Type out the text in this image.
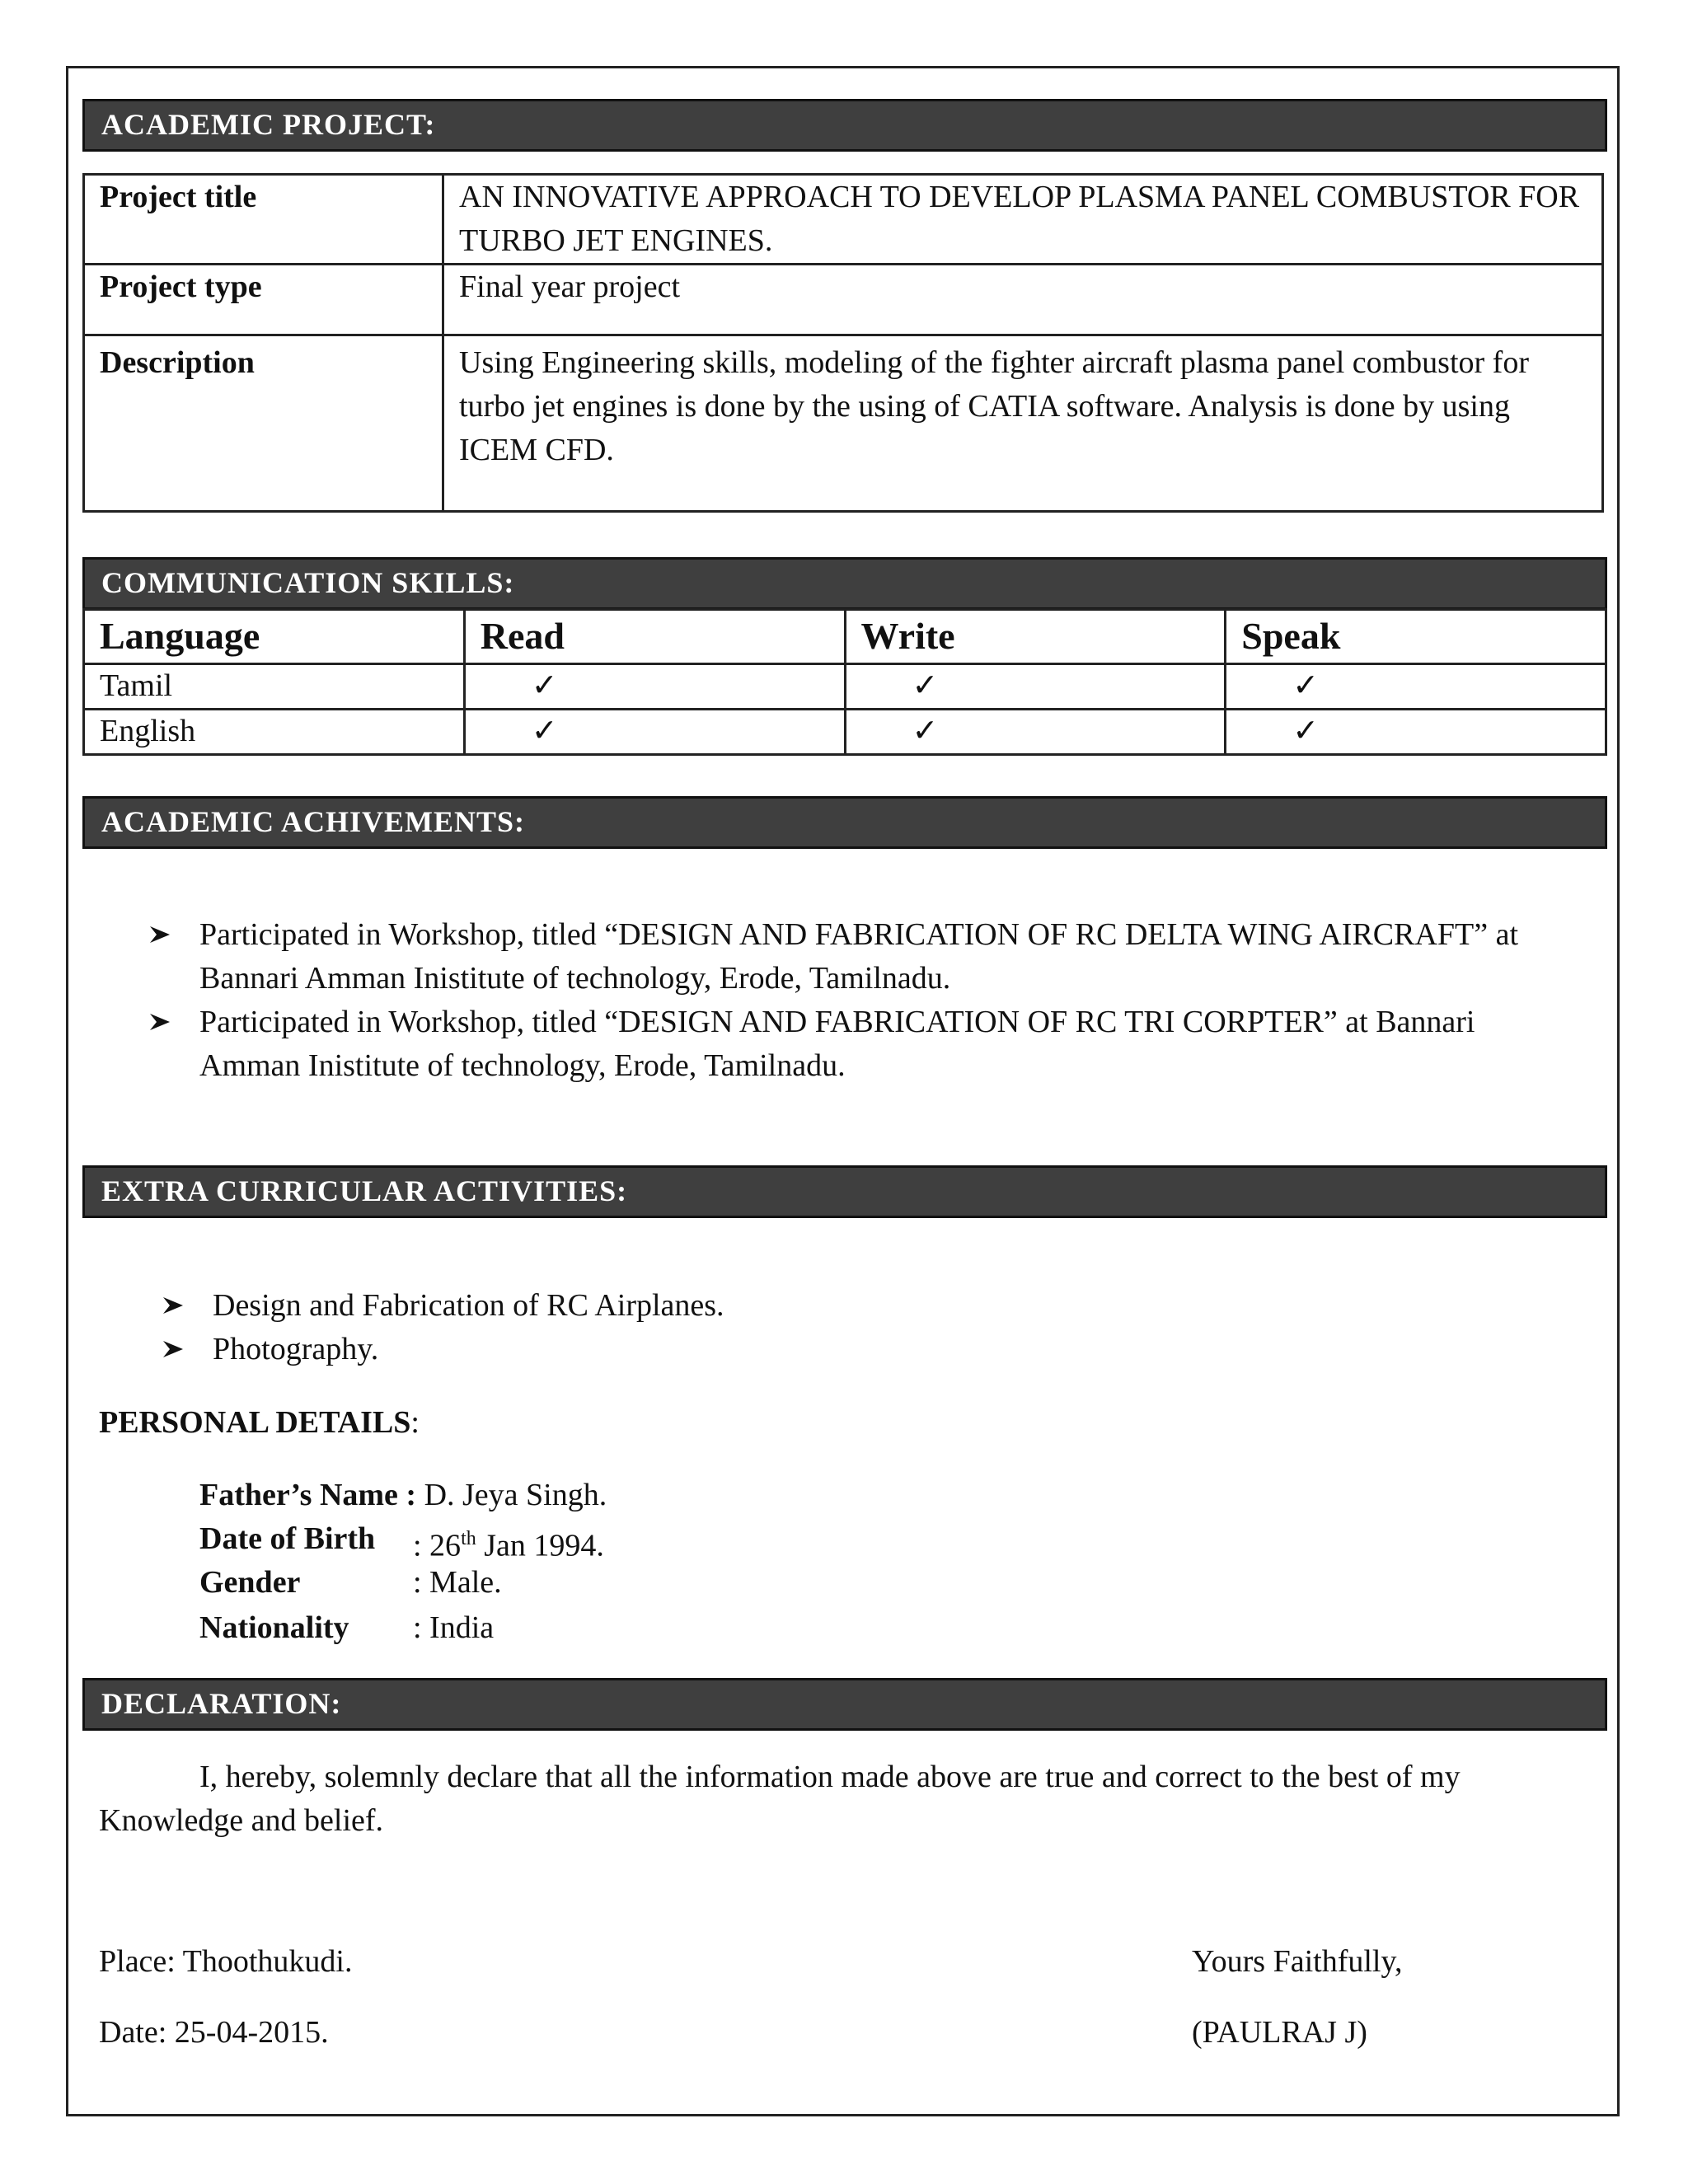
ACADEMIC PROJECT:
Project title	AN INNOVATIVE APPROACH TO DEVELOP PLASMA PANEL COMBUSTOR FOR TURBO JET ENGINES.
Project type	Final year project
Description	Using Engineering skills, modeling of the fighter aircraft plasma panel combustor for turbo jet engines is done by the using of CATIA software. Analysis is done by using ICEM CFD.
COMMUNICATION SKILLS:
Language	Read	Write	Speak
Tamil	✓	✓	✓
English	✓	✓	✓
ACADEMIC ACHIVEMENTS:
Participated in Workshop, titled “DESIGN AND FABRICATION OF RC DELTA WING AIRCRAFT” at Bannari Amman Inistitute of technology, Erode, Tamilnadu.
Participated in Workshop, titled “DESIGN AND FABRICATION OF RC TRI CORPTER” at Bannari Amman Inistitute of technology, Erode, Tamilnadu.
EXTRA CURRICULAR ACTIVITIES:
Design and Fabrication of RC Airplanes.
Photography.
PERSONAL DETAILS:
Father’s Name : D. Jeya Singh.
Date of Birth : 26th Jan 1994.
Gender	: Male.
Nationality : India
DECLARATION:
I, hereby, solemnly declare that all the information made above are true and correct to the best of my Knowledge and belief.
Place: Thoothukudi.
Date: 25-04-2015.
Yours Faithfully,
(PAULRAJ J)
